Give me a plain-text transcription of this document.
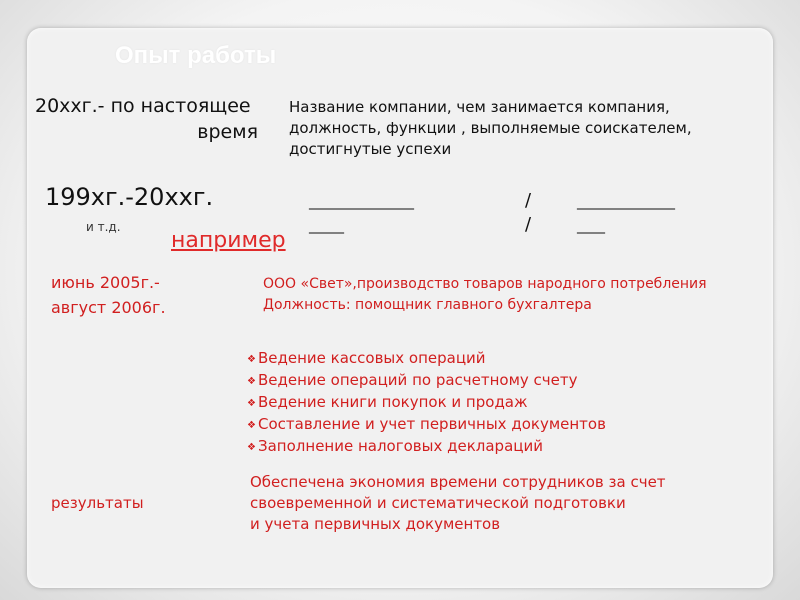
Опыт работы
20ххг.- по настоящее
время
Название компании, чем занимается компания, должность, функции , выполняемые соискателем, достигнутые успехи
199хг.-20ххг.
и т.д.
_______________
_____
/
/
______________
____
например
июнь 2005г.-
август 2006г.
ООО «Свет»,производство товаров народного потребления
Должность: помощник главного бухгалтера
❖ Ведение кассовых операций
❖ Ведение операций по расчетному счету
❖ Ведение книги покупок и продаж
❖ Составление и учет первичных документов
❖ Заполнение налоговых деклараций
результаты
Обеспечена экономия времени сотрудников за счет своевременной и систематической подготовки
и учета первичных документов
